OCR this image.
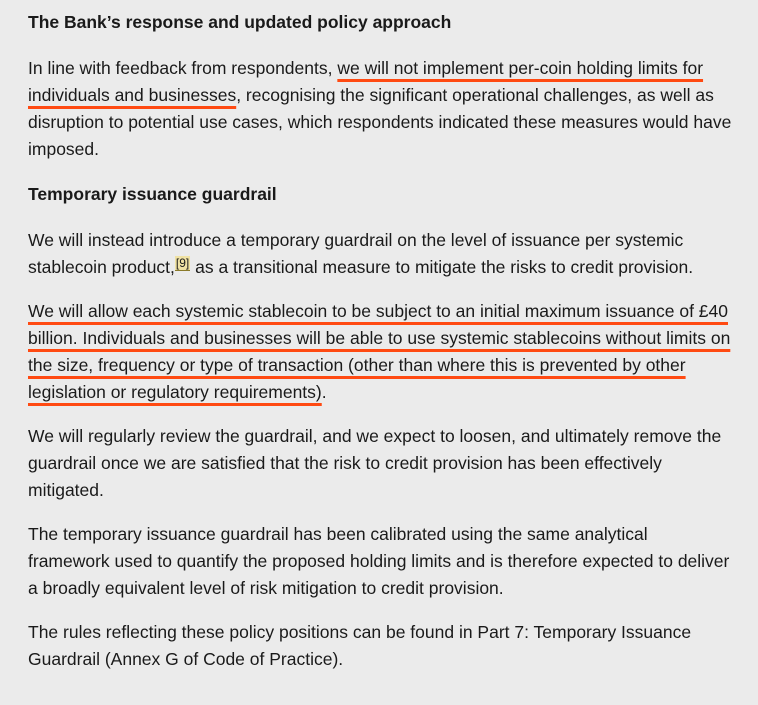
The Bank’s response and updated policy approach

In line with feedback from respondents, we will not implement per-coin holding limits for individuals and businesses, recognising the significant operational challenges, as well as disruption to potential use cases, which respondents indicated these measures would have imposed.

Temporary issuance guardrail

We will instead introduce a temporary guardrail on the level of issuance per systemic stablecoin product,[9] as a transitional measure to mitigate the risks to credit provision.

We will allow each systemic stablecoin to be subject to an initial maximum issuance of £40 billion. Individuals and businesses will be able to use systemic stablecoins without limits on the size, frequency or type of transaction (other than where this is prevented by other legislation or regulatory requirements).

We will regularly review the guardrail, and we expect to loosen, and ultimately remove the guardrail once we are satisfied that the risk to credit provision has been effectively mitigated.

The temporary issuance guardrail has been calibrated using the same analytical framework used to quantify the proposed holding limits and is therefore expected to deliver a broadly equivalent level of risk mitigation to credit provision.

The rules reflecting these policy positions can be found in Part 7: Temporary Issuance Guardrail (Annex G of Code of Practice).
